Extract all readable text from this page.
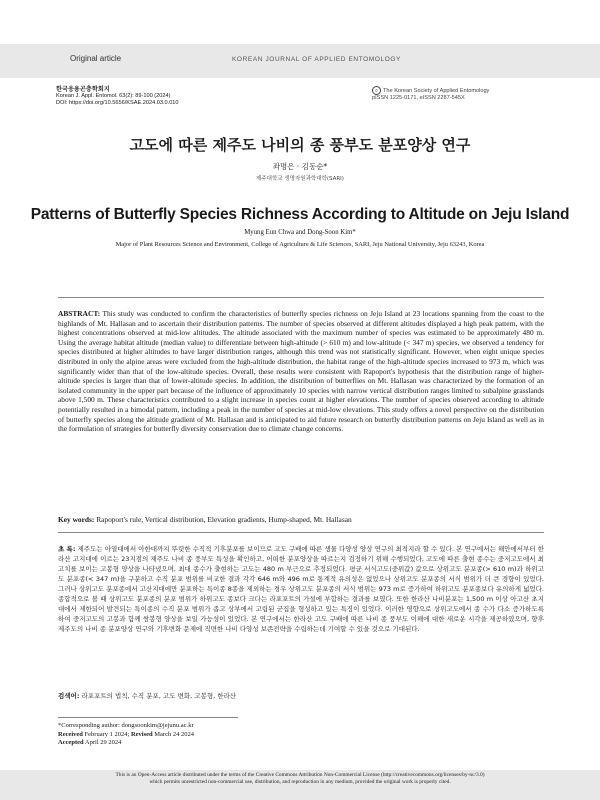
Original article	KOREAN JOURNAL OF APPLIED ENTOMOLOGY
한국응용곤충학회지
Korean J. Appl. Entomol. 63(2): 89-100 (2024)
DOI: https://doi.org/10.5656/KSAE.2024.03.0.010
© The Korean Society of Applied Entomology
pISSN 1225-0171, eISSN 2287-545X
고도에 따른 제주도 나비의 종 풍부도 분포양상 연구
좌명은 · 김동순*
제주대학교 생명자원과학대학(SARI)
Patterns of Butterfly Species Richness According to Altitude on Jeju Island
Myung Eun Chwa and Dong-Soon Kim*
Major of Plant Resources Science and Environment, College of Agriculture & Life Sciences, SARI, Jeju National University, Jeju 63243, Korea
ABSTRACT: This study was conducted to confirm the characteristics of butterfly species richness on Jeju Island at 23 locations spanning from the coast to the highlands of Mt. Hallasan and to ascertain their distribution patterns. The number of species observed at different altitudes displayed a high peak pattern, with the highest concentrations observed at mid-low altitudes. The altitude associated with the maximum number of species was estimated to be approximately 480 m. Using the average habitat altitude (median value) to differentiate between high-altitude (> 610 m) and low-altitude (< 347 m) species, we observed a tendency for species distributed at higher altitudes to have larger distribution ranges, although this trend was not statistically significant. However, when eight unique species distributed in only the alpine areas were excluded from the high-altitude distribution, the habitat range of the high-altitude species increased to 973 m, which was significantly wider than that of the low-altitude species. Overall, these results were consistent with Rapoport's hypothesis that the distribution range of higher-altitude species is larger than that of lower-altitude species. In addition, the distribution of butterflies on Mt. Hallasan was characterized by the formation of an isolated community in the upper part because of the influence of approximately 10 species with narrow vertical distribution ranges limited to subalpine grasslands above 1,500 m. These characteristics contributed to a slight increase in species count at higher elevations. The number of species observed according to altitude potentially resulted in a bimodal pattern, including a peak in the number of species at mid-low elevations. This study offers a novel perspective on the distribution of butterfly species along the altitude gradient of Mt. Hallasan and is anticipated to aid future research on butterfly distribution patterns on Jeju Island as well as in the formulation of strategies for butterfly diversity conservation due to climate change concerns.
Key words: Rapoport's rule, Vertical distribution, Elevation gradients, Hump-shaped, Mt. Hallasan
초 록: 제주도는 아열대에서 아한대까지 뚜렷한 수직적 기후분포를 보이므로 고도 구배에 따른 생물 다양성 양상 연구의 최적지라 할 수 있다. 본 연구에서는 해안에서부터 한라산 고지대에 이르는 23지점의 제주도 나비 종 풍부도 특성을 확인하고, 어떠한 분포양상을 따르는지 검정하기 위해 수행되었다. 고도에 따른 출현 종수는 중저고도에서 최고치를 보이는 고봉형 양상을 나타냈으며, 최대 종수가 출현하는 고도는 480 m 부근으로 추정되었다. 평균 서식고도(중위값) 값으로 상위고도 분포종(> 610 m)과 하위고도 분포종(< 347 m)을 구분하고 수직 분포 범위를 비교한 결과 각각 646 m와 496 m로 통계적 유의성은 없었으나 상위고도 분포종의 서식 범위가 더 큰 경향이 있었다. 그러나 상위고도 분포종에서 고산지대에만 분포하는 특이종 8종을 제외하는 경우 상위고도 분포종의 서식 범위는 973 m로 증가하여 하위고도 분포종보다 유의하게 넓었다. 종합적으로 볼 때 상위고도 분포종의 분포 범위가 하위고도 종보다 크다는 라포포트의 가설에 부합하는 결과를 보였다. 또한 한라산 나비분포는 1,500 m 이상 아고산 초지대에서 제한되어 발견되는 특이종의 수직 분포 범위가 좁고 상부에서 고립된 군집을 형성하고 있는 특징이 있었다. 이러한 영향으로 상위고도에서 종 수가 다소 증가하도록 하여 중저고도의 고봉과 함께 쌍봉형 양상을 보일 가능성이 있었다. 본 연구에서는 한라산 고도 구배에 따른 나비 종 풍부도 이해에 대한 새로운 시각을 제공하였으며, 향후 제주도의 나비 종 분포양상 연구와 기후변화 문제에 직면한 나비 다양성 보존전략을 수립하는데 기여할 수 있을 것으로 기대된다.
검색어: 라포포트의 법칙, 수직 분포, 고도 변화, 고봉형, 한라산
*Corresponding author: dongsoonkim@jejunu.ac.kr
Received February 1 2024; Revised March 24 2024
Accepted April 29 2024
This is an Open-Access article distributed under the terms of the Creative Commons Attribution Non-Commercial License (http://creativecommons.org/licenses/by-nc/3.0)
which permits unrestricted non-commercial use, distribution, and reproduction in any medium, provided the original work is properly cited.
